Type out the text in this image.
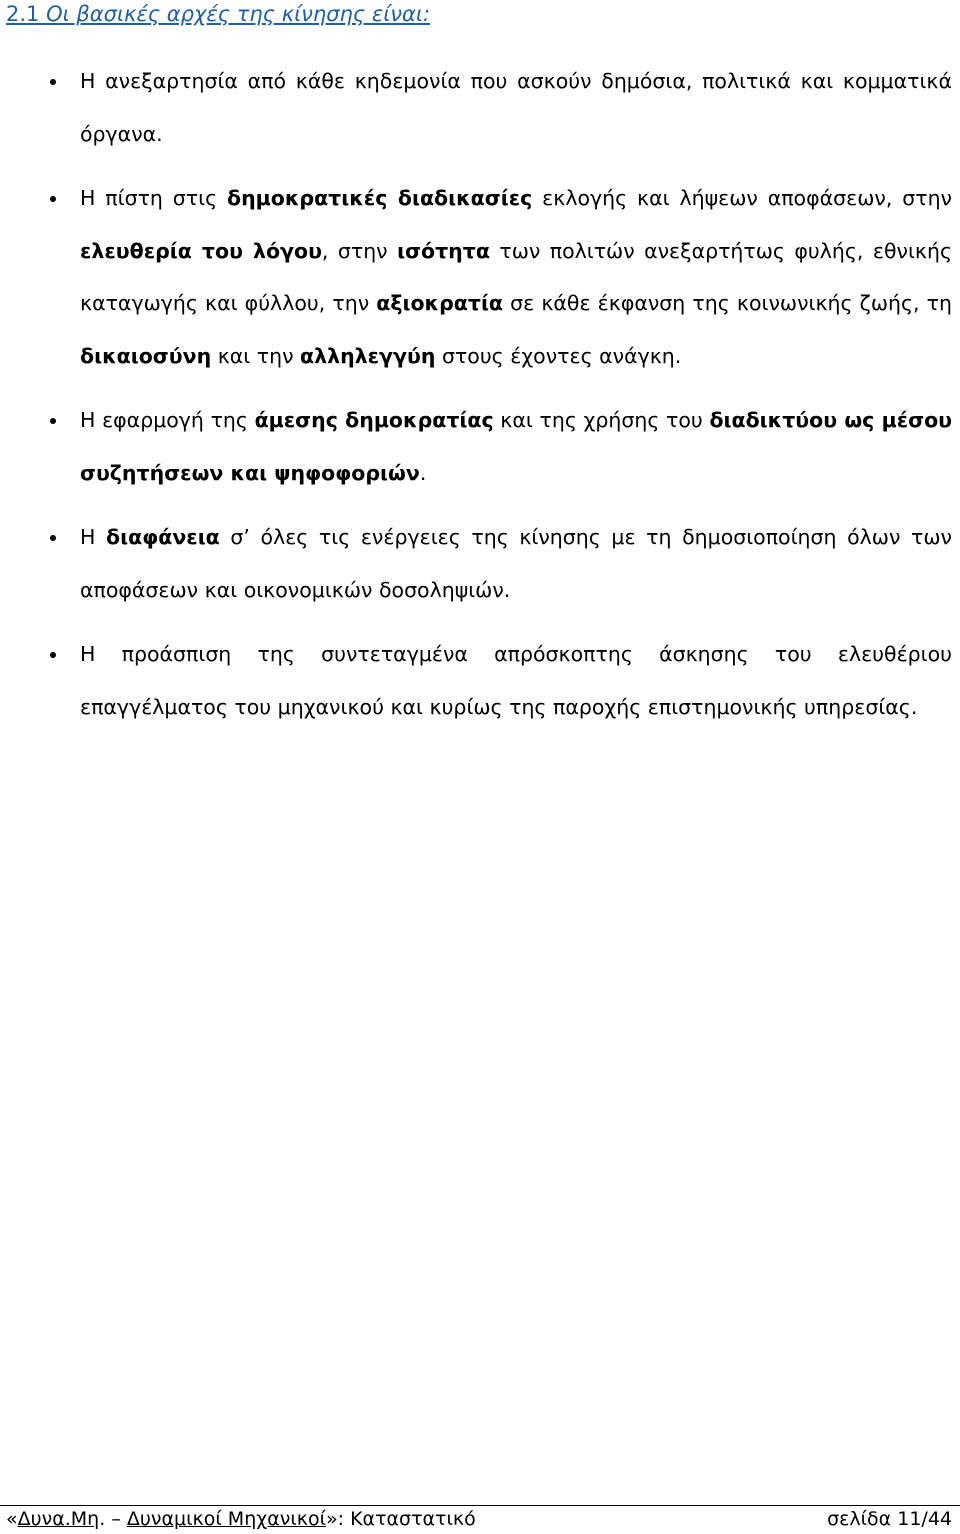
2.1 Οι βασικές αρχές της κίνησης είναι:
Η ανεξαρτησία από κάθε κηδεμονία που ασκούν δημόσια, πολιτικά και κομματικά όργανα.
Η πίστη στις δημοκρατικές διαδικασίες εκλογής και λήψεων αποφάσεων, στην ελευθερία του λόγου, στην ισότητα των πολιτών ανεξαρτήτως φυλής, εθνικής καταγωγής και φύλλου, την αξιοκρατία σε κάθε έκφανση της κοινωνικής ζωής, τη δικαιοσύνη και την αλληλεγγύη στους έχοντες ανάγκη.
Η εφαρμογή της άμεσης δημοκρατίας και της χρήσης του διαδικτύου ως μέσου συζητήσεων και ψηφοφοριών.
Η διαφάνεια σ’ όλες τις ενέργειες της κίνησης με τη δημοσιοποίηση όλων των αποφάσεων και οικονομικών δοσοληψιών.
Η προάσπιση της συντεταγμένα απρόσκοπτης άσκησης του ελευθέριου επαγγέλματος του μηχανικού και κυρίως της παροχής επιστημονικής υπηρεσίας.
«Δυνα.Μη. – Δυναμικοί Μηχανικοί»: Καταστατικό	σελίδα 11/44
